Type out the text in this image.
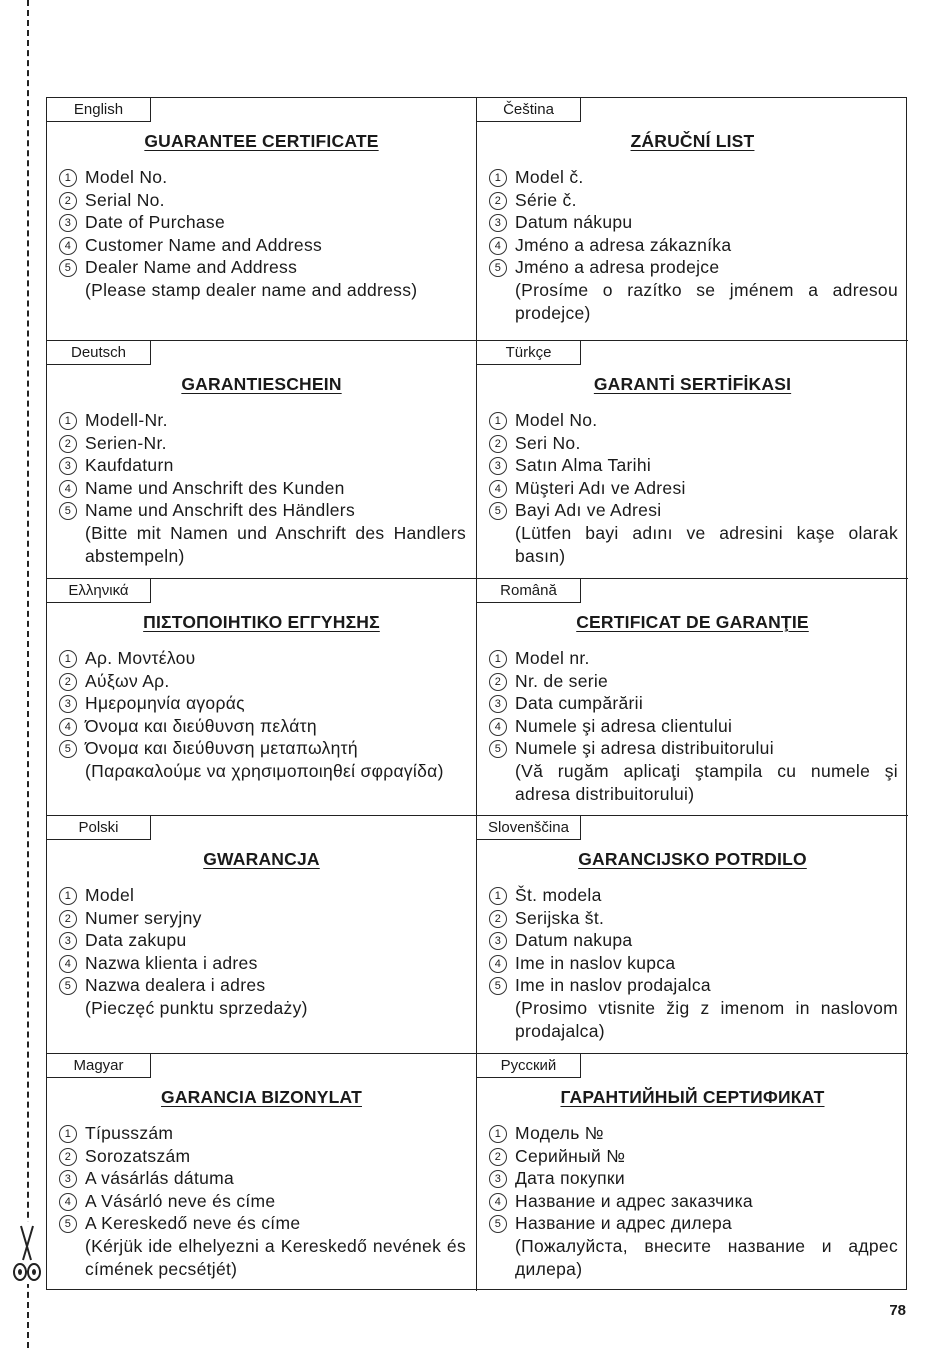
English
GUARANTEE CERTIFICATE
1 Model No.
2 Serial No.
3 Date of Purchase
4 Customer Name and Address
5 Dealer Name and Address
(Please stamp dealer name and address)
Čeština
ZÁRUČNÍ LIST
1 Model č.
2 Série č.
3 Datum nákupu
4 Jméno a adresa zákazníka
5 Jméno a adresa prodejce
(Prosíme o razítko se jménem a adresou prodejce)
Deutsch
GARANTIESCHEIN
1 Modell-Nr.
2 Serien-Nr.
3 Kaufdaturn
4 Name und Anschrift des Kunden
5 Name und Anschrift des Händlers
(Bitte mit Namen und Anschrift des Handlers abstempeln)
Türkçe
GARANTİ SERTİFİKASI
1 Model No.
2 Seri No.
3 Satın Alma Tarihi
4 Müşteri Adı ve Adresi
5 Bayi Adı ve Adresi
(Lütfen bayi adını ve adresini kaşe olarak basın)
Ελληνικά
ΠΙΣΤΟΠΟΙΗΤΙΚΟ ΕΓΓΥΗΣΗΣ
1 Αρ. Μοντέλου
2 Αύξων Αρ.
3 Ημερομηνία αγοράς
4 Όνομα και διεύθυνση πελάτη
5 Όνομα και διεύθυνση μεταπωλητή
(Παρακαλούμε να χρησιμοποιηθεί σφραγίδα)
Română
CERTIFICAT DE GARANŢIE
1 Model nr.
2 Nr. de serie
3 Data cumpărării
4 Numele şi adresa clientului
5 Numele şi adresa distribuitorului
(Vă rugăm aplicaţi ştampila cu numele şi adresa distribuitorului)
Polski
GWARANCJA
1 Model
2 Numer seryjny
3 Data zakupu
4 Nazwa klienta i adres
5 Nazwa dealera i adres
(Pieczęć punktu sprzedaży)
Slovenščina
GARANCIJSKO POTRDILO
1 Št. modela
2 Serijska št.
3 Datum nakupa
4 Ime in naslov kupca
5 Ime in naslov prodajalca
(Prosimo vtisnite žig z imenom in naslovom prodajalca)
Magyar
GARANCIA BIZONYLAT
1 Típusszám
2 Sorozatszám
3 A vásárlás dátuma
4 A Vásárló neve és címe
5 A Kereskedő neve és címe
(Kérjük ide elhelyezni a Kereskedő nevének és címének pecsétjét)
Русский
ГАРАНТИЙНЫЙ СЕРТИФИКАТ
1 Модель №
2 Серийный №
3 Дата покупки
4 Название и адрес заказчика
5 Название и адрес дилера
(Пожалуйста, внесите название и адрес дилера)
78
